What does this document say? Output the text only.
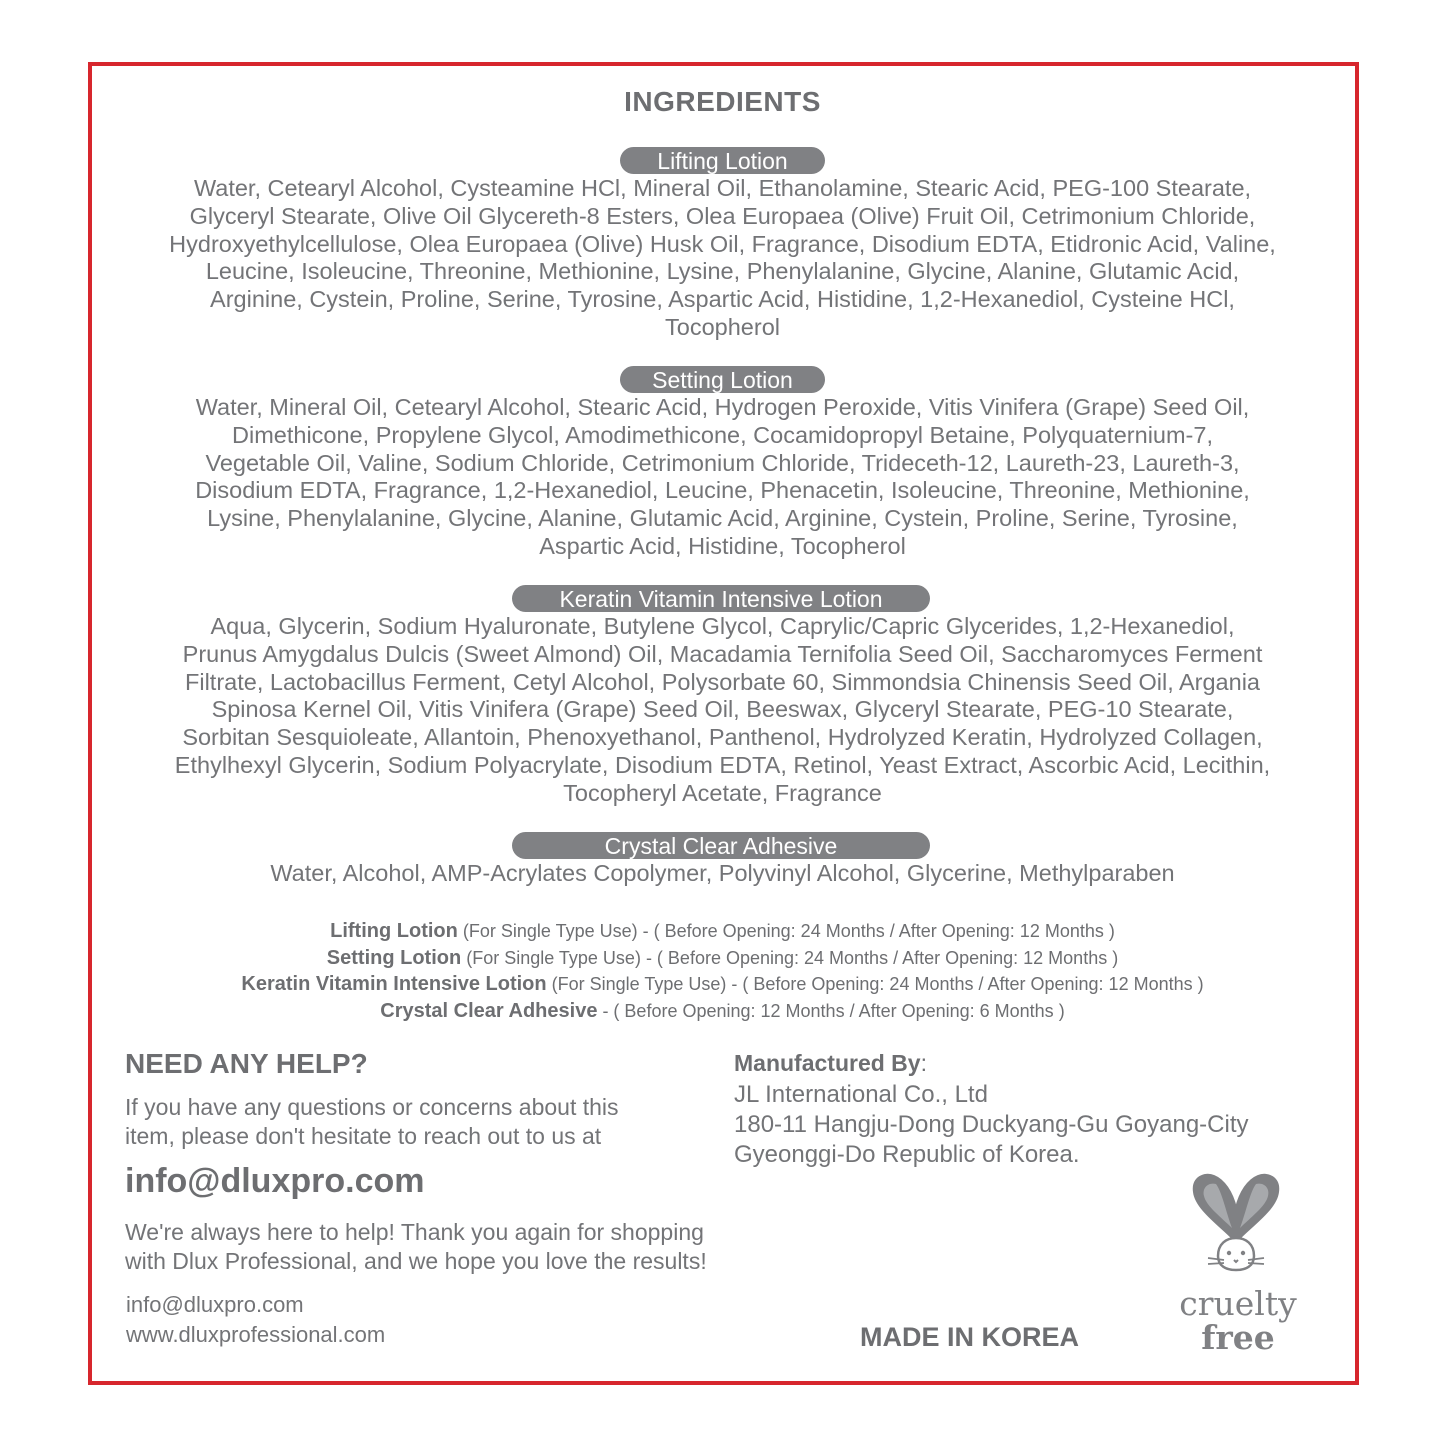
INGREDIENTS
Lifting Lotion
Water, Cetearyl Alcohol, Cysteamine HCl, Mineral Oil, Ethanolamine, Stearic Acid, PEG-100 Stearate,
Glyceryl Stearate, Olive Oil Glycereth-8 Esters, Olea Europaea (Olive) Fruit Oil, Cetrimonium Chloride,
Hydroxyethylcellulose, Olea Europaea (Olive) Husk Oil, Fragrance, Disodium EDTA, Etidronic Acid, Valine,
Leucine, Isoleucine, Threonine, Methionine, Lysine, Phenylalanine, Glycine, Alanine, Glutamic Acid,
Arginine, Cystein, Proline, Serine, Tyrosine, Aspartic Acid, Histidine, 1,2-Hexanediol, Cysteine HCl,
Tocopherol
Setting Lotion
Water, Mineral Oil, Cetearyl Alcohol, Stearic Acid, Hydrogen Peroxide, Vitis Vinifera (Grape) Seed Oil,
Dimethicone, Propylene Glycol, Amodimethicone, Cocamidopropyl Betaine, Polyquaternium-7,
Vegetable Oil, Valine, Sodium Chloride, Cetrimonium Chloride, Trideceth-12, Laureth-23, Laureth-3,
Disodium EDTA, Fragrance, 1,2-Hexanediol, Leucine, Phenacetin, Isoleucine, Threonine, Methionine,
Lysine, Phenylalanine, Glycine, Alanine, Glutamic Acid, Arginine, Cystein, Proline, Serine, Tyrosine,
Aspartic Acid, Histidine, Tocopherol
Keratin Vitamin Intensive Lotion
Aqua, Glycerin, Sodium Hyaluronate, Butylene Glycol, Caprylic/Capric Glycerides, 1,2-Hexanediol,
Prunus Amygdalus Dulcis (Sweet Almond) Oil, Macadamia Ternifolia Seed Oil, Saccharomyces Ferment
Filtrate, Lactobacillus Ferment, Cetyl Alcohol, Polysorbate 60, Simmondsia Chinensis Seed Oil, Argania
Spinosa Kernel Oil, Vitis Vinifera (Grape) Seed Oil, Beeswax, Glyceryl Stearate, PEG-10 Stearate,
Sorbitan Sesquioleate, Allantoin, Phenoxyethanol, Panthenol, Hydrolyzed Keratin, Hydrolyzed Collagen,
Ethylhexyl Glycerin, Sodium Polyacrylate, Disodium EDTA, Retinol, Yeast Extract, Ascorbic Acid, Lecithin,
Tocopheryl Acetate, Fragrance
Crystal Clear Adhesive
Water, Alcohol, AMP-Acrylates Copolymer, Polyvinyl Alcohol, Glycerine, Methylparaben
Lifting Lotion (For Single Type Use) - ( Before Opening: 24 Months / After Opening: 12 Months )
Setting Lotion (For Single Type Use) - ( Before Opening: 24 Months / After Opening: 12 Months )
Keratin Vitamin Intensive Lotion (For Single Type Use) - ( Before Opening: 24 Months / After Opening: 12 Months )
Crystal Clear Adhesive - ( Before Opening: 12 Months / After Opening: 6 Months )
NEED ANY HELP?
If you have any questions or concerns about this
item, please don't hesitate to reach out to us at
info@dluxpro.com
We're always here to help! Thank you again for shopping
with Dlux Professional, and we hope you love the results!
info@dluxpro.com
www.dluxprofessional.com
Manufactured By:
JL International Co., Ltd
180-11 Hangju-Dong Duckyang-Gu Goyang-City
Gyeonggi-Do Republic of Korea.
MADE IN KOREA
cruelty
free
